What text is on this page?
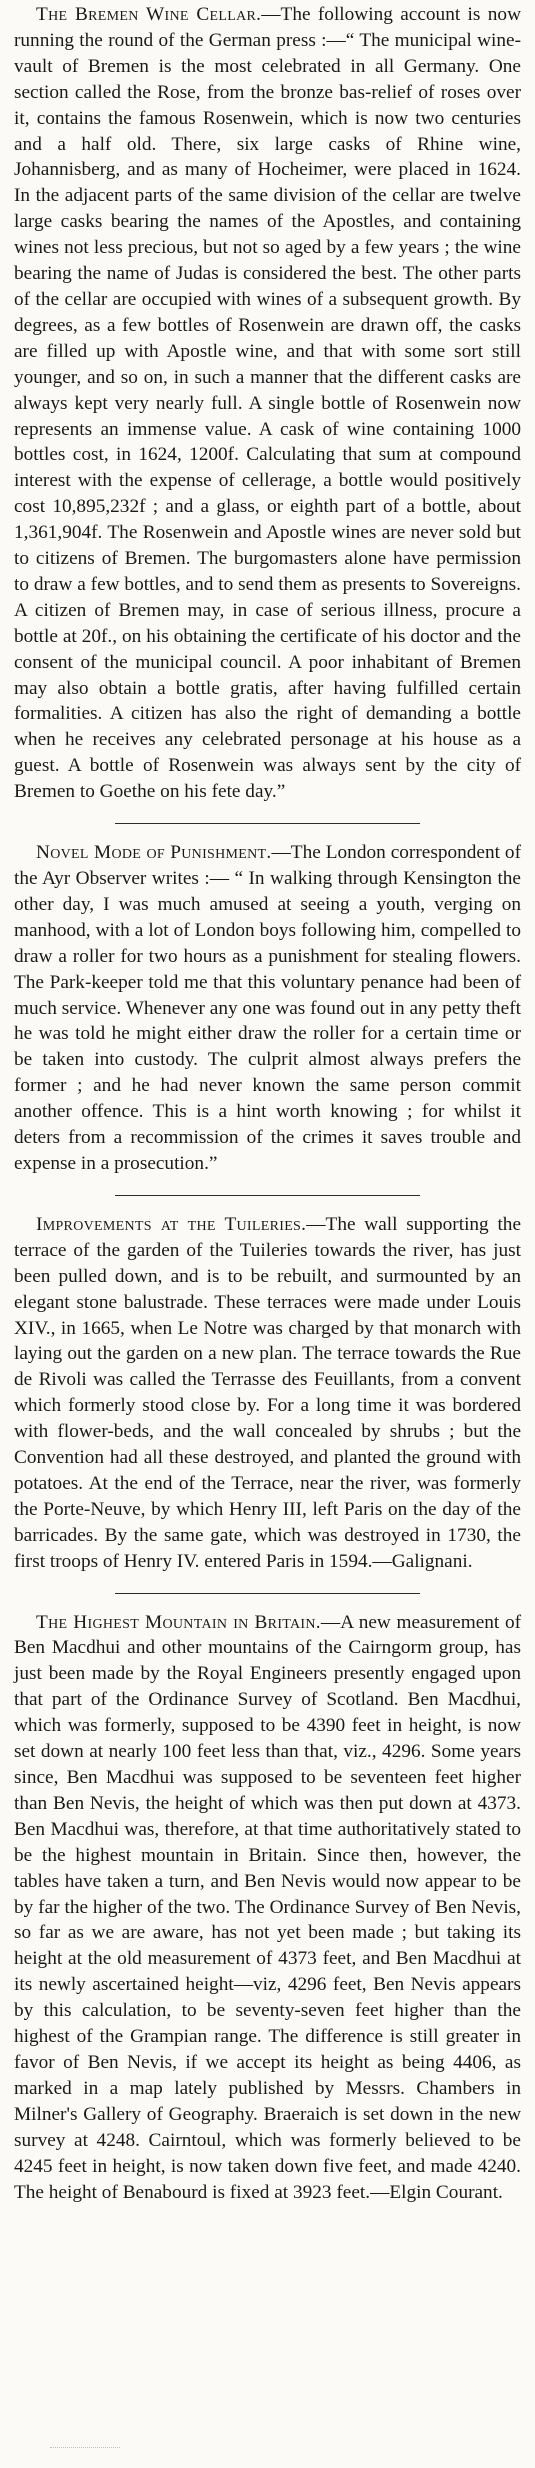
The Bremen Wine Cellar.—The following account is now running the round of the German press :—“ The municipal wine-vault of Bremen is the most celebrated in all Germany. One section called the Rose, from the bronze bas-relief of roses over it, contains the famous Rosenwein, which is now two centuries and a half old. There, six large casks of Rhine wine, Johannisberg, and as many of Hocheimer, were placed in 1624. In the adjacent parts of the same division of the cellar are twelve large casks bearing the names of the Apostles, and containing wines not less precious, but not so aged by a few years ; the wine bearing the name of Judas is considered the best. The other parts of the cellar are occupied with wines of a subsequent growth. By degrees, as a few bottles of Rosenwein are drawn off, the casks are filled up with Apostle wine, and that with some sort still younger, and so on, in such a manner that the different casks are always kept very nearly full. A single bottle of Rosenwein now represents an immense value. A cask of wine containing 1000 bottles cost, in 1624, 1200f. Calculating that sum at compound interest with the expense of cellerage, a bottle would positively cost 10,895,232f ; and a glass, or eighth part of a bottle, about 1,361,904f. The Rosenwein and Apostle wines are never sold but to citizens of Bremen. The burgomasters alone have permission to draw a few bottles, and to send them as presents to Sovereigns. A citizen of Bremen may, in case of serious illness, procure a bottle at 20f., on his obtaining the certificate of his doctor and the consent of the municipal council. A poor inhabitant of Bremen may also obtain a bottle gratis, after having fulfilled certain formalities. A citizen has also the right of demanding a bottle when he receives any celebrated personage at his house as a guest. A bottle of Rosenwein was always sent by the city of Bremen to Goethe on his fete day.”

Novel Mode of Punishment.—The London correspondent of the Ayr Observer writes :— “ In walking through Kensington the other day, I was much amused at seeing a youth, verging on manhood, with a lot of London boys following him, compelled to draw a roller for two hours as a punishment for stealing flowers. The Park-keeper told me that this voluntary penance had been of much service. Whenever any one was found out in any petty theft he was told he might either draw the roller for a certain time or be taken into custody. The culprit almost always prefers the former ; and he had never known the same person commit another offence. This is a hint worth knowing ; for whilst it deters from a recommission of the crimes it saves trouble and expense in a prosecution.”

Improvements at the Tuileries.—The wall supporting the terrace of the garden of the Tuileries towards the river, has just been pulled down, and is to be rebuilt, and surmounted by an elegant stone balustrade. These terraces were made under Louis XIV., in 1665, when Le Notre was charged by that monarch with laying out the garden on a new plan. The terrace towards the Rue de Rivoli was called the Terrasse des Feuillants, from a convent which formerly stood close by. For a long time it was bordered with flower-beds, and the wall concealed by shrubs ; but the Convention had all these destroyed, and planted the ground with potatoes. At the end of the Terrace, near the river, was formerly the Porte-Neuve, by which Henry III, left Paris on the day of the barricades. By the same gate, which was destroyed in 1730, the first troops of Henry IV. entered Paris in 1594.—Galignani.

The Highest Mountain in Britain.—A new measurement of Ben Macdhui and other mountains of the Cairngorm group, has just been made by the Royal Engineers presently engaged upon that part of the Ordinance Survey of Scotland. Ben Macdhui, which was formerly, supposed to be 4390 feet in height, is now set down at nearly 100 feet less than that, viz., 4296. Some years since, Ben Macdhui was supposed to be seventeen feet higher than Ben Nevis, the height of which was then put down at 4373. Ben Macdhui was, therefore, at that time authoritatively stated to be the highest mountain in Britain. Since then, however, the tables have taken a turn, and Ben Nevis would now appear to be by far the higher of the two. The Ordinance Survey of Ben Nevis, so far as we are aware, has not yet been made ; but taking its height at the old measurement of 4373 feet, and Ben Macdhui at its newly ascertained height—viz, 4296 feet, Ben Nevis appears by this calculation, to be seventy-seven feet higher than the highest of the Grampian range. The difference is still greater in favor of Ben Nevis, if we accept its height as being 4406, as marked in a map lately published by Messrs. Chambers in Milner's Gallery of Geography. Braeraich is set down in the new survey at 4248. Cairntoul, which was formerly believed to be 4245 feet in height, is now taken down five feet, and made 4240. The height of Benabourd is fixed at 3923 feet.—Elgin Courant.
